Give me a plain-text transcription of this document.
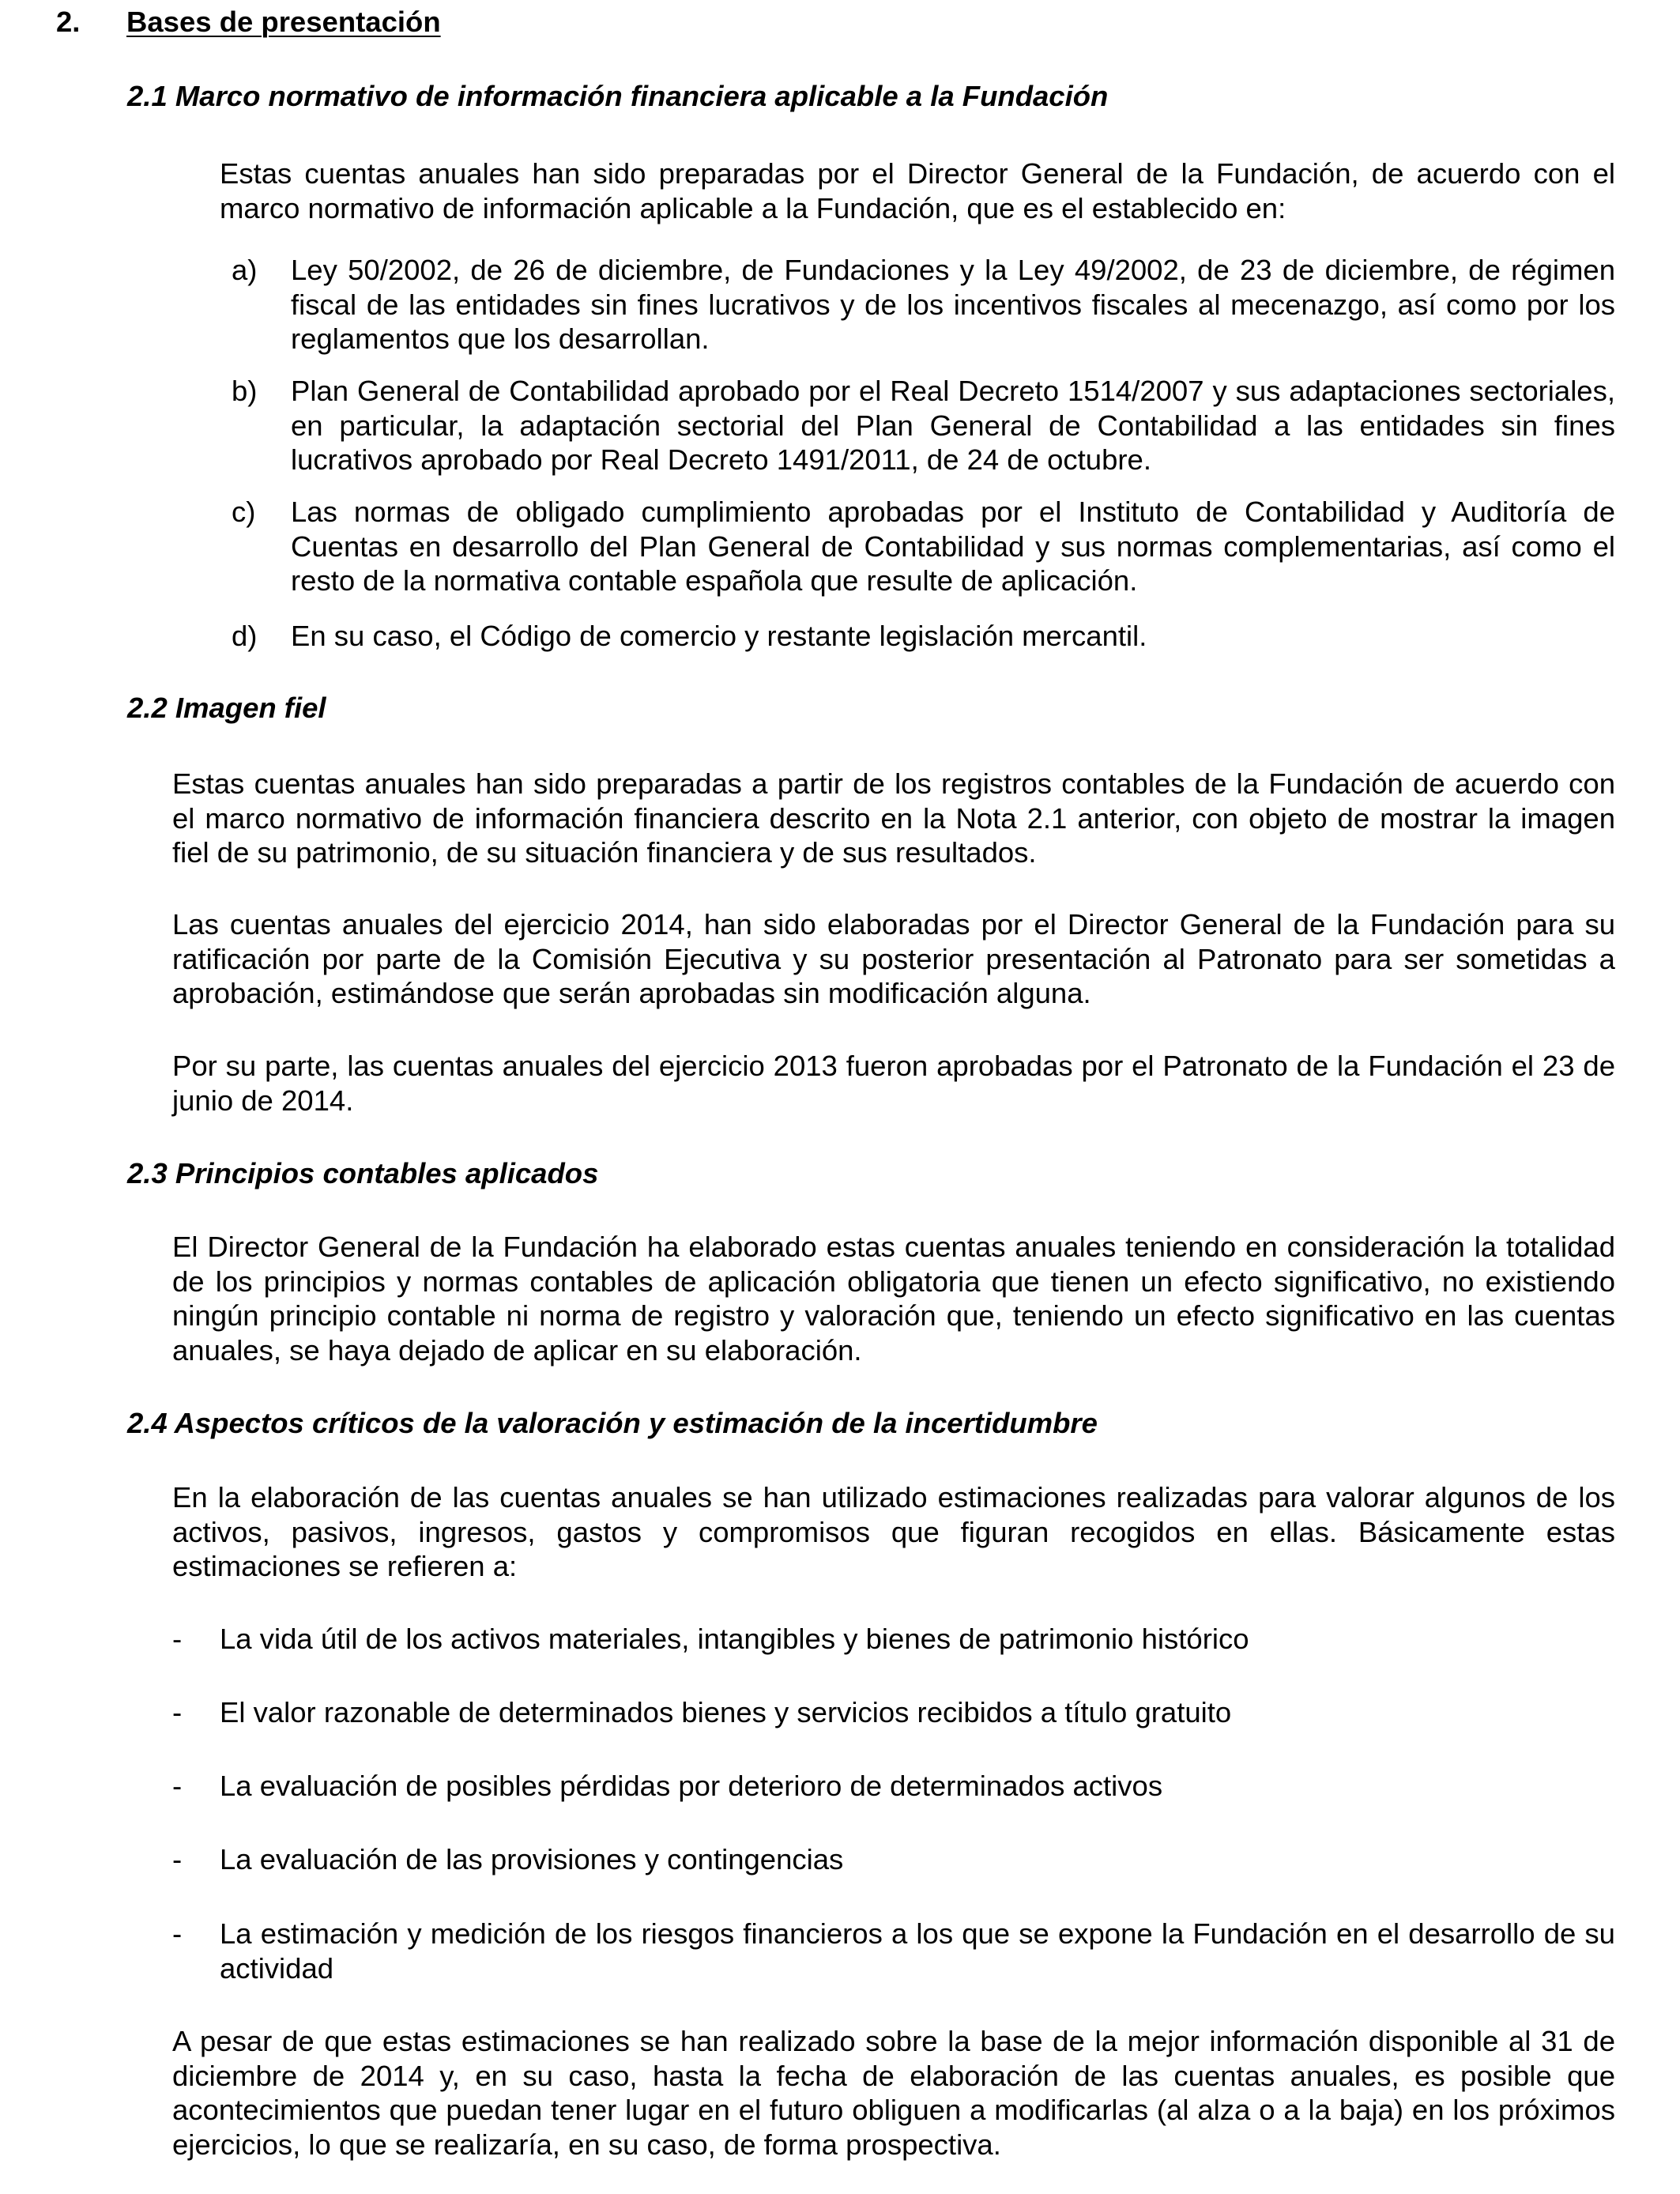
2. Bases de presentación
2.1 Marco normativo de información financiera aplicable a la Fundación

Estas cuentas anuales han sido preparadas por el Director General de la Fundación, de acuerdo con el marco normativo de información aplicable a la Fundación, que es el establecido en:

a) Ley 50/2002, de 26 de diciembre, de Fundaciones y la Ley 49/2002, de 23 de diciembre, de régimen fiscal de las entidades sin fines lucrativos y de los incentivos fiscales al mecenazgo, así como por los reglamentos que los desarrollan.
b) Plan General de Contabilidad aprobado por el Real Decreto 1514/2007 y sus adaptaciones sectoriales, en particular, la adaptación sectorial del Plan General de Contabilidad a las entidades sin fines lucrativos aprobado por Real Decreto 1491/2011, de 24 de octubre.
c) Las normas de obligado cumplimiento aprobadas por el Instituto de Contabilidad y Auditoría de Cuentas en desarrollo del Plan General de Contabilidad y sus normas complementarias, así como el resto de la normativa contable española que resulte de aplicación.
d) En su caso, el Código de comercio y restante legislación mercantil.
2.2 Imagen fiel

Estas cuentas anuales han sido preparadas a partir de los registros contables de la Fundación de acuerdo con el marco normativo de información financiera descrito en la Nota 2.1 anterior, con objeto de mostrar la imagen fiel de su patrimonio, de su situación financiera y de sus resultados.

Las cuentas anuales del ejercicio 2014, han sido elaboradas por el Director General de la Fundación para su ratificación por parte de la Comisión Ejecutiva y su posterior presentación al Patronato para ser sometidas a aprobación, estimándose que serán aprobadas sin modificación alguna.

Por su parte, las cuentas anuales del ejercicio 2013 fueron aprobadas por el Patronato de la Fundación el 23 de junio de 2014.

2.3 Principios contables aplicados

El Director General de la Fundación ha elaborado estas cuentas anuales teniendo en consideración la totalidad de los principios y normas contables de aplicación obligatoria que tienen un efecto significativo, no existiendo ningún principio contable ni norma de registro y valoración que, teniendo un efecto significativo en las cuentas anuales, se haya dejado de aplicar en su elaboración.

2.4 Aspectos críticos de la valoración y estimación de la incertidumbre

En la elaboración de las cuentas anuales se han utilizado estimaciones realizadas para valorar algunos de los activos, pasivos, ingresos, gastos y compromisos que figuran recogidos en ellas. Básicamente estas estimaciones se refieren a:

- La vida útil de los activos materiales, intangibles y bienes de patrimonio histórico
- El valor razonable de determinados bienes y servicios recibidos a título gratuito
- La evaluación de posibles pérdidas por deterioro de determinados activos
- La evaluación de las provisiones y contingencias
- La estimación y medición de los riesgos financieros a los que se expone la Fundación en el desarrollo de su actividad

A pesar de que estas estimaciones se han realizado sobre la base de la mejor información disponible al 31 de diciembre de 2014 y, en su caso, hasta la fecha de elaboración de las cuentas anuales, es posible que acontecimientos que puedan tener lugar en el futuro obliguen a modificarlas (al alza o a la baja) en los próximos ejercicios, lo que se realizaría, en su caso, de forma prospectiva.
